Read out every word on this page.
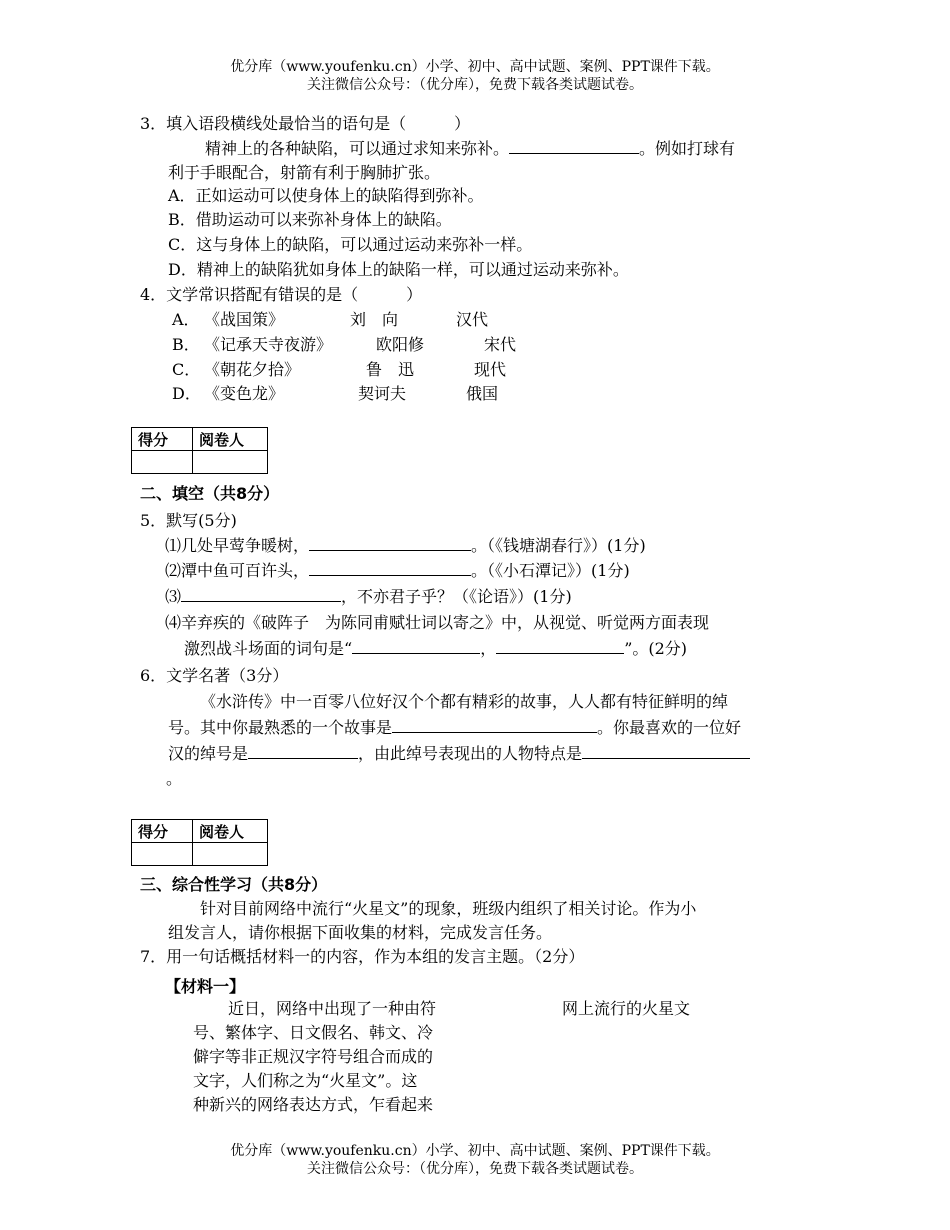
优分库（www.youfenku.cn）小学、初中、高中试题、案例、PPT课件下载。
关注微信公众号：（优分库），免费下载各类试题试卷。
3．填入语段横线处最恰当的语句是（　　　）
精神上的各种缺陷，可以通过求知来弥补。	。例如打球有
利于手眼配合，射箭有利于胸肺扩张。
A．正如运动可以使身体上的缺陷得到弥补。
B．借助运动可以来弥补身体上的缺陷。
C．这与身体上的缺陷，可以通过运动来弥补一样。
D．精神上的缺陷犹如身体上的缺陷一样，可以通过运动来弥补。
4．文学常识搭配有错误的是（　　　）
A． 《战国策》	刘　向	汉代
B． 《记承天寺夜游》	欧阳修	宋代
C． 《朝花夕拾》	鲁　迅	现代
D． 《变色龙》	契诃夫	俄国
得分	阅卷人

二、填空（共8分）
5．默写(5分)
⑴几处早莺争暖树，	。（《钱塘湖春行》）(1分)
⑵潭中鱼可百许头，	。（《小石潭记》）(1分)
⑶	，不亦君子乎？（《论语》）(1分)
⑷辛弃疾的《破阵子　为陈同甫赋壮词以寄之》中，从视觉、听觉两方面表现
激烈战斗场面的词句是“	，	”。(2分)
6．文学名著（3分）
《水浒传》中一百零八位好汉个个都有精彩的故事，人人都有特征鲜明的绰
号。其中你最熟悉的一个故事是	。你最喜欢的一位好
汉的绰号是	，由此绰号表现出的人物特点是
。
得分	阅卷人

三、综合性学习（共8分）
针对目前网络中流行“火星文”的现象，班级内组织了相关讨论。作为小
组发言人，请你根据下面收集的材料，完成发言任务。
7．用一句话概括材料一的内容，作为本组的发言主题。（2分）
【材料一】
近日，网络中出现了一种由符
号、繁体字、日文假名、韩文、冷
僻字等非正规汉字符号组合而成的
文字，人们称之为“火星文”。这
种新兴的网络表达方式，乍看起来
网上流行的火星文
优分库（www.youfenku.cn）小学、初中、高中试题、案例、PPT课件下载。
关注微信公众号：（优分库），免费下载各类试题试卷。
